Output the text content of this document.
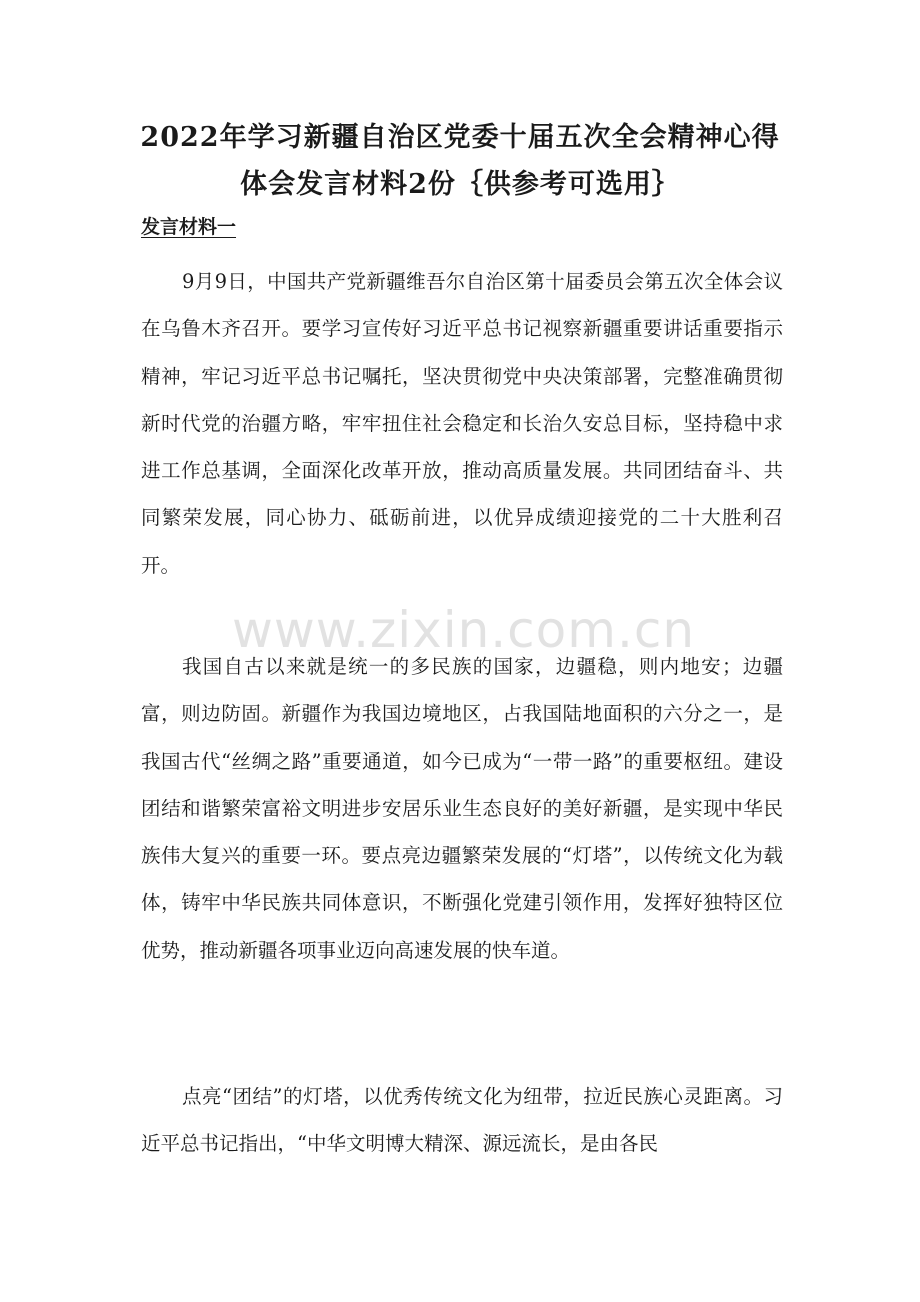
2022年学习新疆自治区党委十届五次全会精神心得
体会发言材料2份｛供参考可选用｝
发言材料一

9月9日，中国共产党新疆维吾尔自治区第十届委员会第五次全体会议在乌鲁木齐召开。要学习宣传好习近平总书记视察新疆重要讲话重要指示精神，牢记习近平总书记嘱托，坚决贯彻党中央决策部署，完整准确贯彻新时代党的治疆方略，牢牢扭住社会稳定和长治久安总目标，坚持稳中求进工作总基调，全面深化改革开放，推动高质量发展。共同团结奋斗、共同繁荣发展，同心协力、砥砺前进，以优异成绩迎接党的二十大胜利召开。

我国自古以来就是统一的多民族的国家，边疆稳，则内地安；边疆富，则边防固。新疆作为我国边境地区，占我国陆地面积的六分之一，是我国古代“丝绸之路”重要通道，如今已成为“一带一路”的重要枢纽。建设团结和谐繁荣富裕文明进步安居乐业生态良好的美好新疆，是实现中华民族伟大复兴的重要一环。要点亮边疆繁荣发展的“灯塔”，以传统文化为载体，铸牢中华民族共同体意识，不断强化党建引领作用，发挥好独特区位优势，推动新疆各项事业迈向高速发展的快车道。

点亮“团结”的灯塔，以优秀传统文化为纽带，拉近民族心灵距离。习近平总书记指出，“中华文明博大精深、源远流长，是由各民

www.zixin.com.cn
